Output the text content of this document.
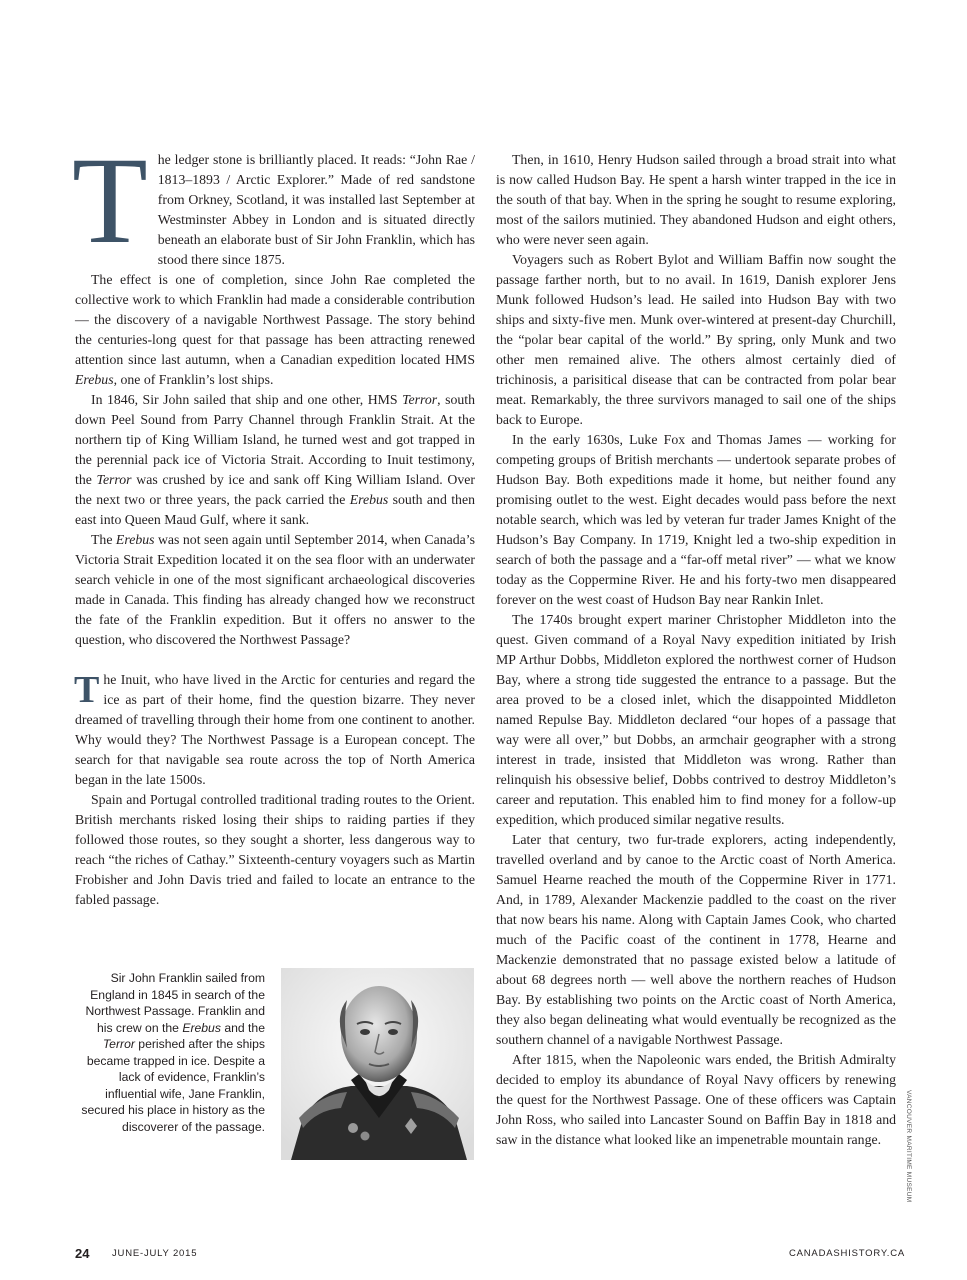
The ledger stone is brilliantly placed. It reads: “John Rae / 1813–1893 / Arctic Explorer.” Made of red sandstone from Orkney, Scotland, it was installed last September at Westminster Abbey in London and is situated directly beneath an elaborate bust of Sir John Franklin, which has stood there since 1875.

The effect is one of completion, since John Rae completed the collective work to which Franklin had made a considerable contribution — the discovery of a navigable Northwest Passage. The story behind the centuries-long quest for that passage has been attracting renewed attention since last autumn, when a Canadian expedition located HMS Erebus, one of Franklin’s lost ships.

In 1846, Sir John sailed that ship and one other, HMS Terror, south down Peel Sound from Parry Channel through Franklin Strait. At the northern tip of King William Island, he turned west and got trapped in the perennial pack ice of Victoria Strait. According to Inuit testimony, the Terror was crushed by ice and sank off King William Island. Over the next two or three years, the pack carried the Erebus south and then east into Queen Maud Gulf, where it sank.

The Erebus was not seen again until September 2014, when Canada’s Victoria Strait Expedition located it on the sea floor with an underwater search vehicle in one of the most significant archaeological discoveries made in Canada. This finding has already changed how we reconstruct the fate of the Franklin expedition. But it offers no answer to the question, who discovered the Northwest Passage?

The Inuit, who have lived in the Arctic for centuries and regard the ice as part of their home, find the question bizarre. They never dreamed of travelling through their home from one continent to another. Why would they? The Northwest Passage is a European concept. The search for that navigable sea route across the top of North America began in the late 1500s.

Spain and Portugal controlled traditional trading routes to the Orient. British merchants risked losing their ships to raiding parties if they followed those routes, so they sought a shorter, less dangerous way to reach “the riches of Cathay.” Sixteenth-century voyagers such as Martin Frobisher and John Davis tried and failed to locate an entrance to the fabled passage.

Then, in 1610, Henry Hudson sailed through a broad strait into what is now called Hudson Bay. He spent a harsh winter trapped in the ice in the south of that bay. When in the spring he sought to resume exploring, most of the sailors mutinied. They abandoned Hudson and eight others, who were never seen again.

Voyagers such as Robert Bylot and William Baffin now sought the passage farther north, but to no avail. In 1619, Danish explorer Jens Munk followed Hudson’s lead. He sailed into Hudson Bay with two ships and sixty-five men. Munk over-wintered at present-day Churchill, the “polar bear capital of the world.” By spring, only Munk and two other men remained alive. The others almost certainly died of trichinosis, a parisitical disease that can be contracted from polar bear meat. Remarkably, the three survivors managed to sail one of the ships back to Europe.

In the early 1630s, Luke Fox and Thomas James — working for competing groups of British merchants — undertook separate probes of Hudson Bay. Both expeditions made it home, but neither found any promising outlet to the west. Eight decades would pass before the next notable search, which was led by veteran fur trader James Knight of the Hudson’s Bay Company. In 1719, Knight led a two-ship expedition in search of both the passage and a “far-off metal river” — what we know today as the Coppermine River. He and his forty-two men disappeared forever on the west coast of Hudson Bay near Rankin Inlet.

The 1740s brought expert mariner Christopher Middleton into the quest. Given command of a Royal Navy expedition initiated by Irish MP Arthur Dobbs, Middleton explored the northwest corner of Hudson Bay, where a strong tide suggested the entrance to a passage. But the area proved to be a closed inlet, which the disappointed Middleton named Repulse Bay. Middleton declared “our hopes of a passage that way were all over,” but Dobbs, an armchair geographer with a strong interest in trade, insisted that Middleton was wrong. Rather than relinquish his obsessive belief, Dobbs contrived to destroy Middleton’s career and reputation. This enabled him to find money for a follow-up expedition, which produced similar negative results.

Later that century, two fur-trade explorers, acting independently, travelled overland and by canoe to the Arctic coast of North America. Samuel Hearne reached the mouth of the Coppermine River in 1771. And, in 1789, Alexander Mackenzie paddled to the coast on the river that now bears his name. Along with Captain James Cook, who charted much of the Pacific coast of the continent in 1778, Hearne and Mackenzie demonstrated that no passage existed below a latitude of about 68 degrees north — well above the northern reaches of Hudson Bay. By establishing two points on the Arctic coast of North America, they also began delineating what would eventually be recognized as the southern channel of a navigable Northwest Passage.

After 1815, when the Napoleonic wars ended, the British Admiralty decided to employ its abundance of Royal Navy officers by renewing the quest for the Northwest Passage. One of these officers was Captain John Ross, who sailed into Lancaster Sound on Baffin Bay in 1818 and saw in the distance what looked like an impenetrable mountain range.

Sir John Franklin sailed from England in 1845 in search of the Northwest Passage. Franklin and his crew on the Erebus and the Terror perished after the ships became trapped in ice. Despite a lack of evidence, Franklin’s influential wife, Jane Franklin, secured his place in history as the discoverer of the passage.	VANCOUVER MARITIME MUSEUM
24 JUNE-JULY 2015	CANADASHISTORY.CA
